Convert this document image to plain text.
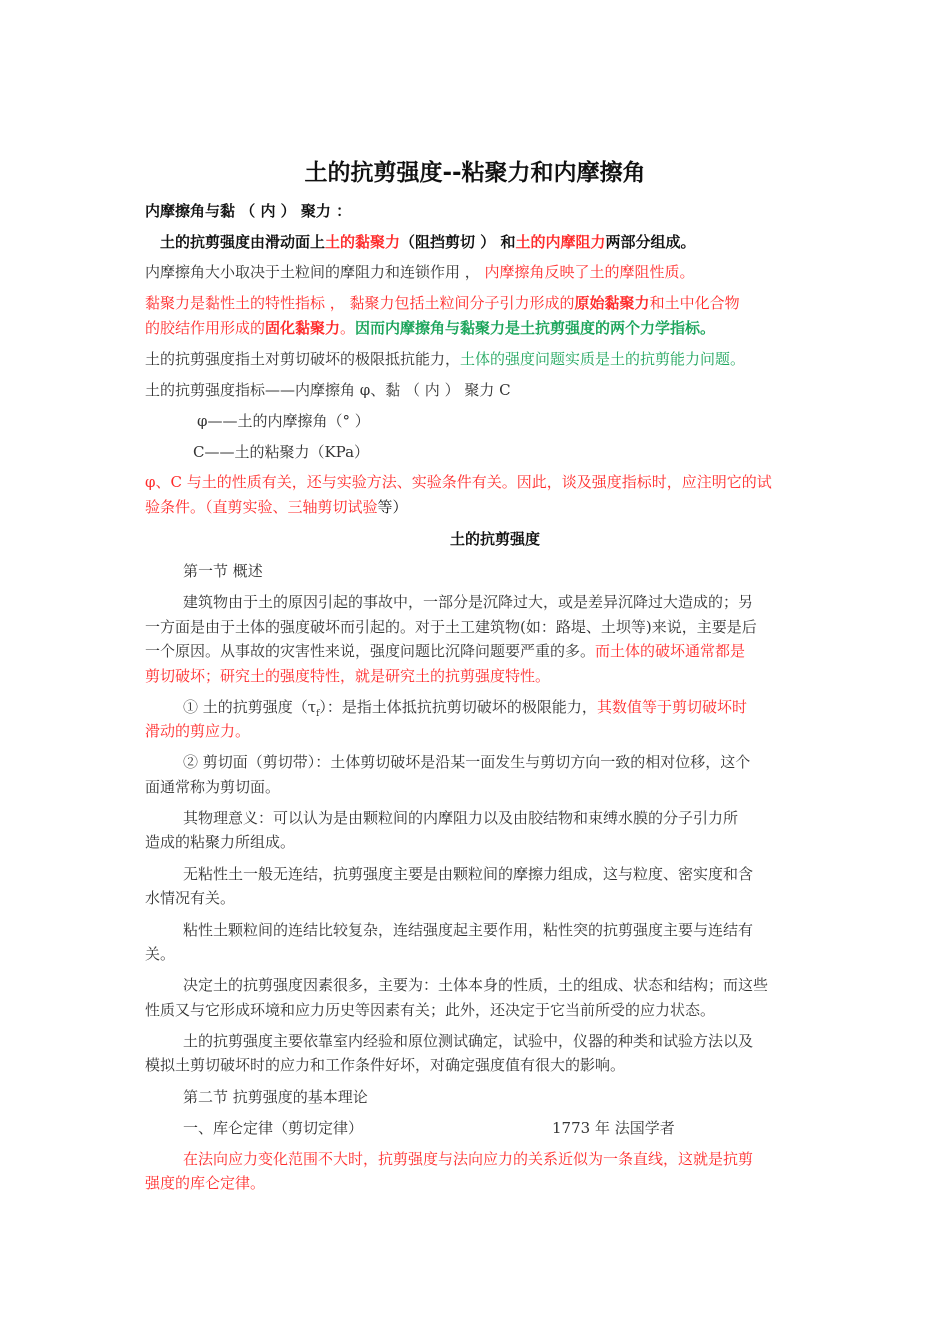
土的抗剪强度--粘聚力和内摩擦角
内摩擦角与黏 （ 内 ） 聚力 ：
土的抗剪强度由滑动面上土的黏聚力（阻挡剪切 ） 和土的内摩阻力两部分组成。
内摩擦角大小取决于土粒间的摩阻力和连锁作用 ， 内摩擦角反映了土的摩阻性质。
黏聚力是黏性土的特性指标 ， 黏聚力包括土粒间分子引力形成的原始黏聚力和土中化合物
的胶结作用形成的固化黏聚力。因而内摩擦角与黏聚力是土抗剪强度的两个力学指标。
土的抗剪强度指土对剪切破坏的极限抵抗能力，土体的强度问题实质是土的抗剪能力问题。
土的抗剪强度指标——内摩擦角 φ、黏 （ 内 ） 聚力 C
φ——土的内摩擦角（° ）
C——土的粘聚力（KPa）
φ、C 与土的性质有关，还与实验方法、实验条件有关。因此，谈及强度指标时，应注明它的试
验条件。（直剪实验、三轴剪切试验等）
土的抗剪强度
第一节 概述
建筑物由于土的原因引起的事故中，一部分是沉降过大，或是差异沉降过大造成的；另
一方面是由于土体的强度破坏而引起的。对于土工建筑物(如：路堤、土坝等)来说，主要是后
一个原因。从事故的灾害性来说，强度问题比沉降问题要严重的多。而土体的破坏通常都是
剪切破坏；研究土的强度特性，就是研究土的抗剪强度特性。
① 土的抗剪强度$(\tau_f)$：是指土体抵抗抗剪切破坏的极限能力，其数值等于剪切破坏时
滑动的剪应力。
② 剪切面（剪切带）：土体剪切破坏是沿某一面发生与剪切方向一致的相对位移，这个
面通常称为剪切面。
其物理意义：可以认为是由颗粒间的内摩阻力以及由胶结物和束缚水膜的分子引力所
造成的粘聚力所组成。
无粘性土一般无连结，抗剪强度主要是由颗粒间的摩擦力组成，这与粒度、密实度和含
水情况有关。
粘性土颗粒间的连结比较复杂，连结强度起主要作用，粘性突的抗剪强度主要与连结有
关。
决定土的抗剪强度因素很多，主要为：土体本身的性质，土的组成、状态和结构；而这些
性质又与它形成环境和应力历史等因素有关；此外，还决定于它当前所受的应力状态。
土的抗剪强度主要依靠室内经验和原位测试确定，试验中，仪器的种类和试验方法以及
模拟土剪切破坏时的应力和工作条件好坏，对确定强度值有很大的影响。
第二节 抗剪强度的基本理论
一、库仑定律（剪切定律）	1773 年 法国学者
在法向应力变化范围不大时，抗剪强度与法向应力的关系近似为一条直线，这就是抗剪
强度的库仑定律。
